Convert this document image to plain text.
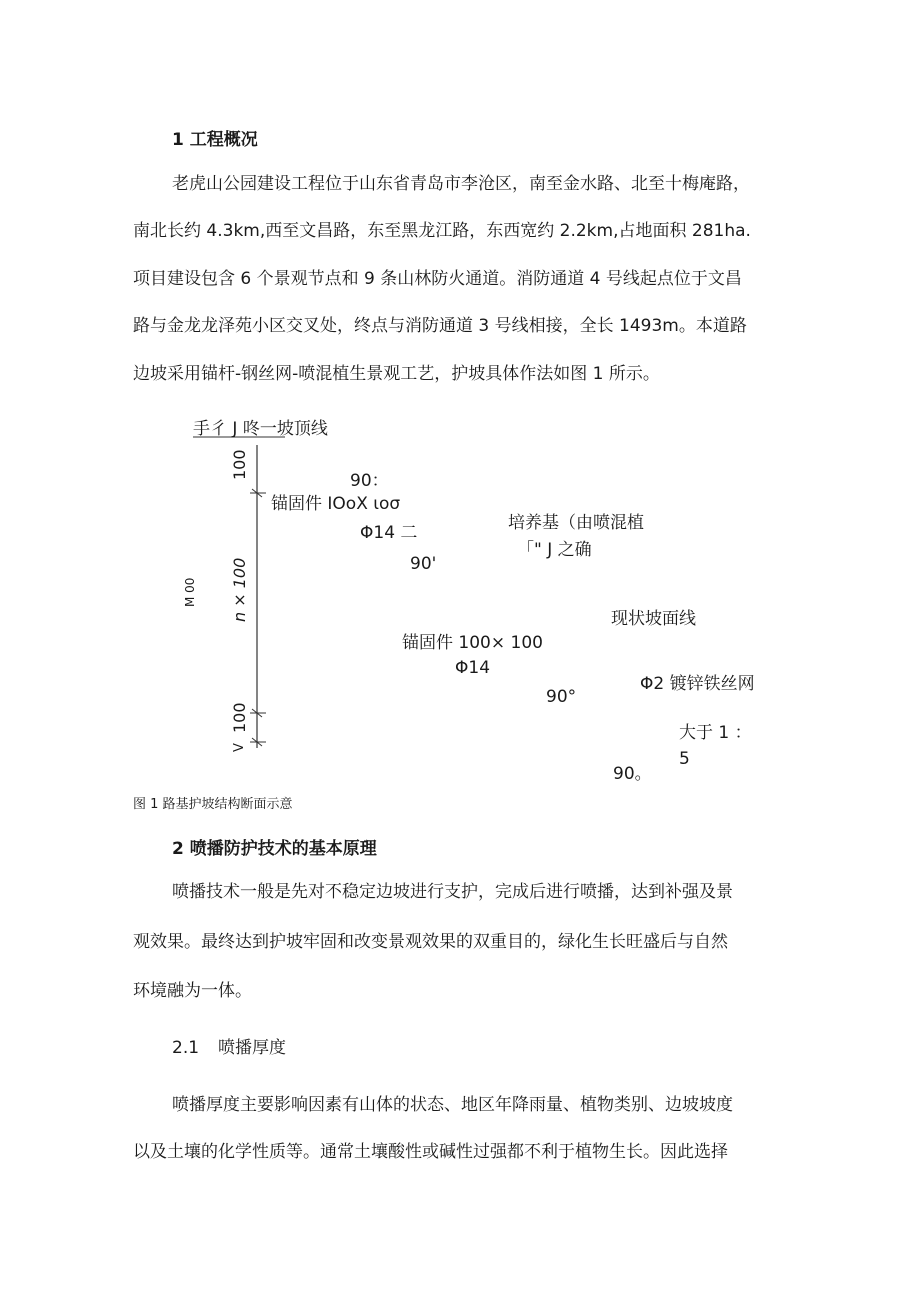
1 工程概况
老虎山公园建设工程位于山东省青岛市李沧区，南至金水路、北至十梅庵路，
南北长约 4.3km,西至文昌路，东至黑龙江路，东西宽约 2.2km,占地面积 281ha.
项目建设包含 6 个景观节点和 9 条山林防火通道。消防通道 4 号线起点位于文昌
路与金龙龙泽苑小区交叉处，终点与消防通道 3 号线相接，全长 1493m。本道路
边坡采用锚杆-钢丝网-喷混植生景观工艺，护坡具体作法如图 1 所示。
手彳 J 咚一坡顶线
100
n × 100
100
V
M 00
90：
锚固件 IOoX ιoσ
Φ14 二	培养基（由喷混植
「" J 之确
90'
现状坡面线
锚固件 100× 100
Φ14
Φ2 镀锌铁丝网
90°
大于 1 ：
5
90。
图 1 路基护坡结构断面示意
2 喷播防护技术的基本原理
喷播技术一般是先对不稳定边坡进行支护，完成后进行喷播，达到补强及景
观效果。最终达到护坡牢固和改变景观效果的双重目的，绿化生长旺盛后与自然
环境融为一体。
2.1 喷播厚度
喷播厚度主要影响因素有山体的状态、地区年降雨量、植物类别、边坡坡度
以及土壤的化学性质等。通常土壤酸性或碱性过强都不利于植物生长。因此选择
